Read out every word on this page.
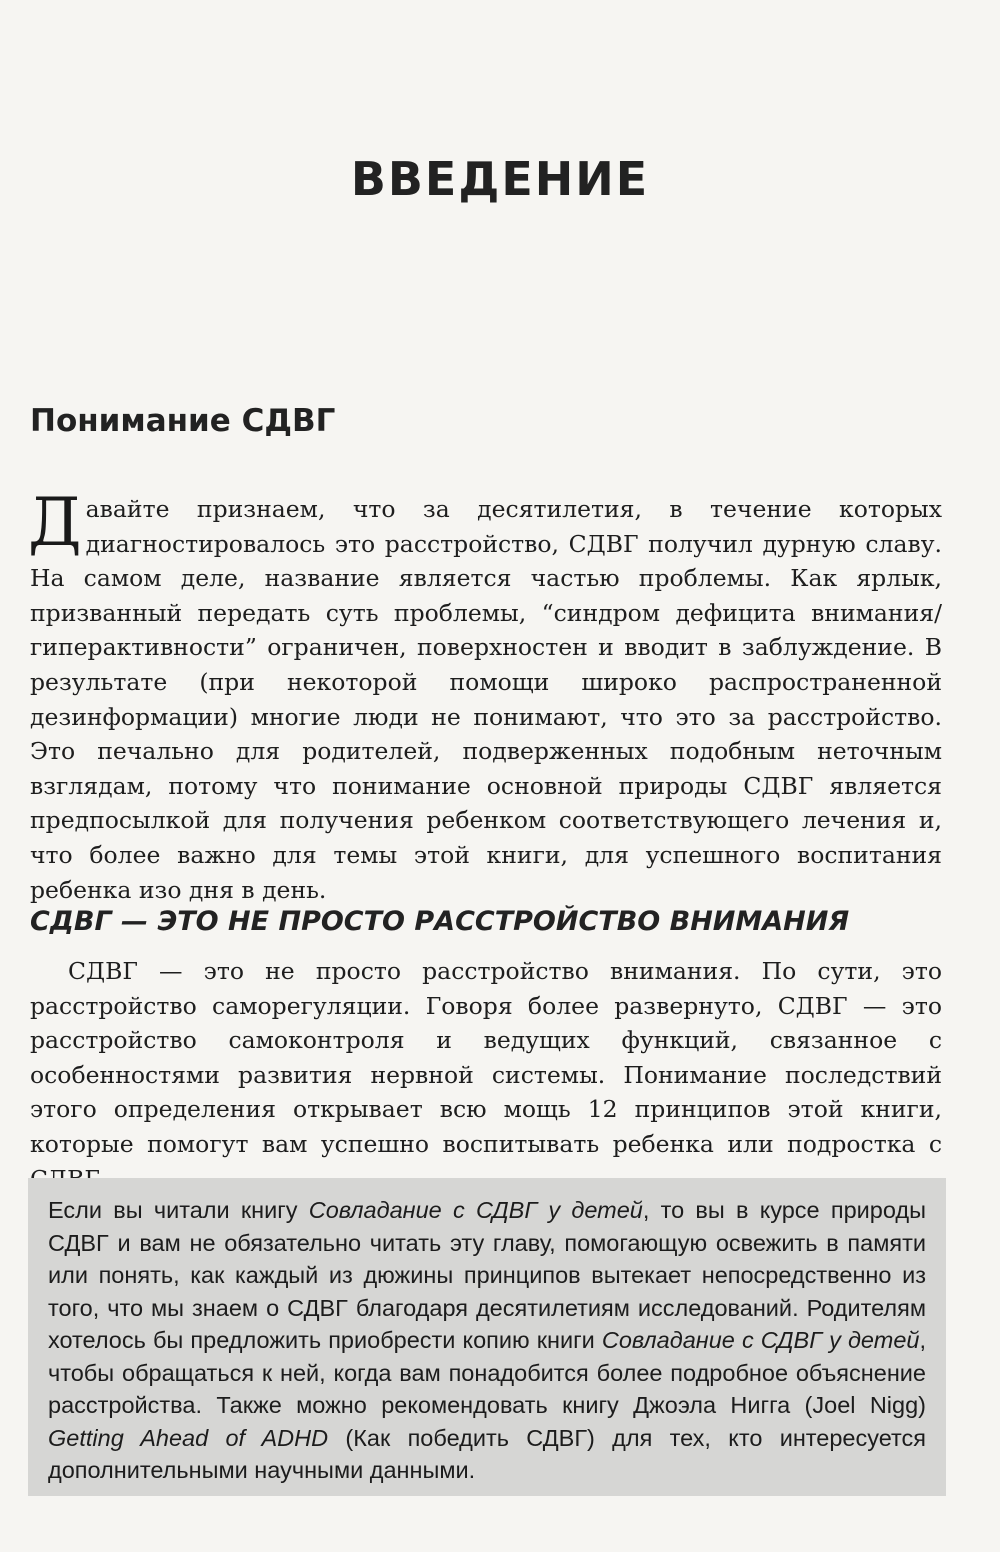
ВВЕДЕНИЕ
Понимание СДВГ

Давайте признаем, что за десятилетия, в течение которых диагностировалось это расстройство, СДВГ получил дурную славу. На самом деле, название является частью проблемы. Как ярлык, призванный передать суть проблемы, “синдром дефицита внимания/гиперактивности” ограничен, поверхностен и вводит в заблуждение. В результате (при некоторой помощи широко распространенной дезинформации) многие люди не понимают, что это за расстройство. Это печально для родителей, подверженных подобным неточным взглядам, потому что понимание основной природы СДВГ является предпосылкой для получения ребенком соответствующего лечения и, что более важно для темы этой книги, для успешного воспитания ребенка изо дня в день.

СДВГ — ЭТО НЕ ПРОСТО РАССТРОЙСТВО ВНИМАНИЯ

СДВГ — это не просто расстройство внимания. По сути, это расстройство саморегуляции. Говоря более развернуто, СДВГ — это расстройство самоконтроля и ведущих функций, связанное с особенностями развития нервной системы. Понимание последствий этого определения открывает всю мощь 12 принципов этой книги, которые помогут вам успешно воспитывать ребенка или подростка с

Если вы читали книгу Совладание с СДВГ у детей, то вы в курсе природы СДВГ и вам не обязательно читать эту главу, помогающую освежить в памяти или понять, как каждый из дюжины принципов вытекает непосредственно из того, что мы знаем о СДВГ благодаря десятилетиям исследований. Родителям хотелось бы предложить приобрести копию книги Совладание с СДВГ у детей, чтобы обращаться к ней, когда вам понадобится более подробное объяснение расстройства. Также можно рекомендовать книгу Джоэла Нигга (Joel Nigg) Getting Ahead of ADHD (Как победить СДВГ) для тех, кто интересуется дополнительными научными данными.
